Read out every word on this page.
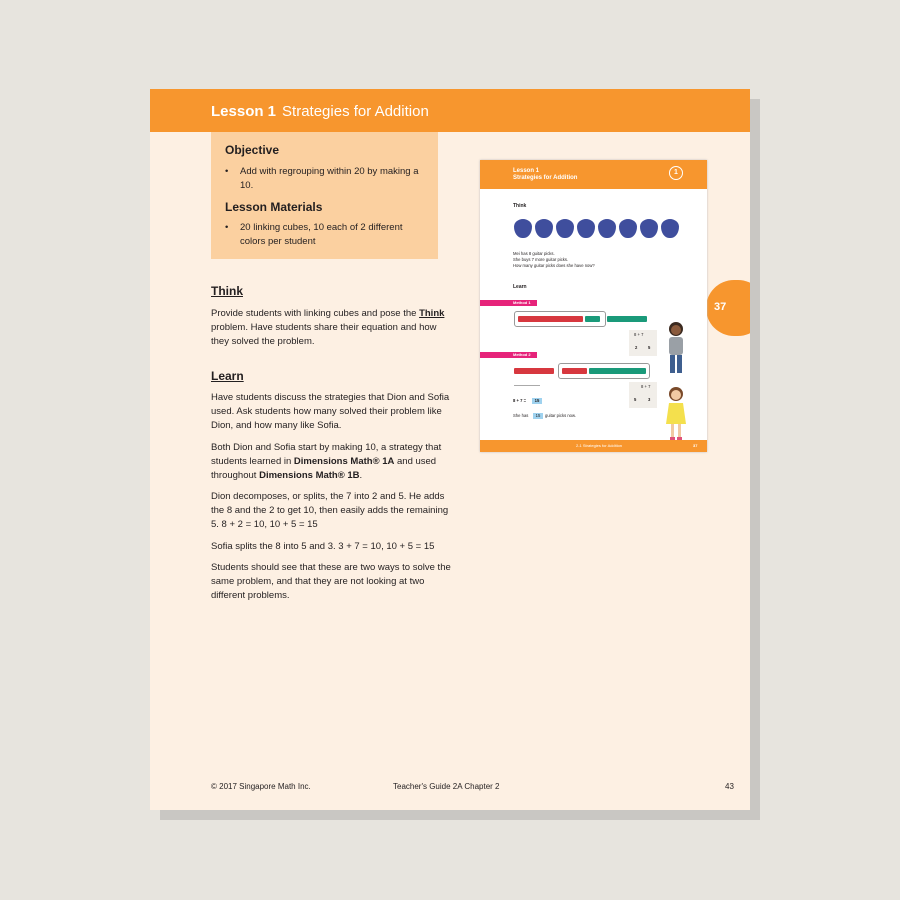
Lesson 1 Strategies for Addition
Objective
• Add with regrouping within 20 by making a 10.
Lesson Materials
• 20 linking cubes, 10 each of 2 different colors per student
Think
Provide students with linking cubes and pose the Think problem. Have students share their equation and how they solved the problem.
Learn
Have students discuss the strategies that Dion and Sofia used. Ask students how many solved their problem like Dion, and how many like Sofia.
Both Dion and Sofia start by making 10, a strategy that students learned in Dimensions Math® 1A and used throughout Dimensions Math® 1B.
Dion decomposes, or splits, the 7 into 2 and 5. He adds the 8 and the 2 to get 10, then easily adds the remaining 5. 8 + 2 = 10, 10 + 5 = 15
Sofia splits the 8 into 5 and 3. 3 + 7 = 10, 10 + 5 = 15
Students should see that these are two ways to solve the same problem, and that they are not looking at two different problems.
37
Lesson 1
Strategies for Addition
1
Think
Mei has 8 guitar picks.
She buys 7 more guitar picks.
How many guitar picks does she have now?
Learn
Method 1
8 + 7
2	5
Method 2
8 + 7
5	3
8 + 7 =	15
She has	15	guitar picks now.
2-1 Strategies for Addition	37
© 2017 Singapore Math Inc.	Teacher's Guide 2A Chapter 2	43
